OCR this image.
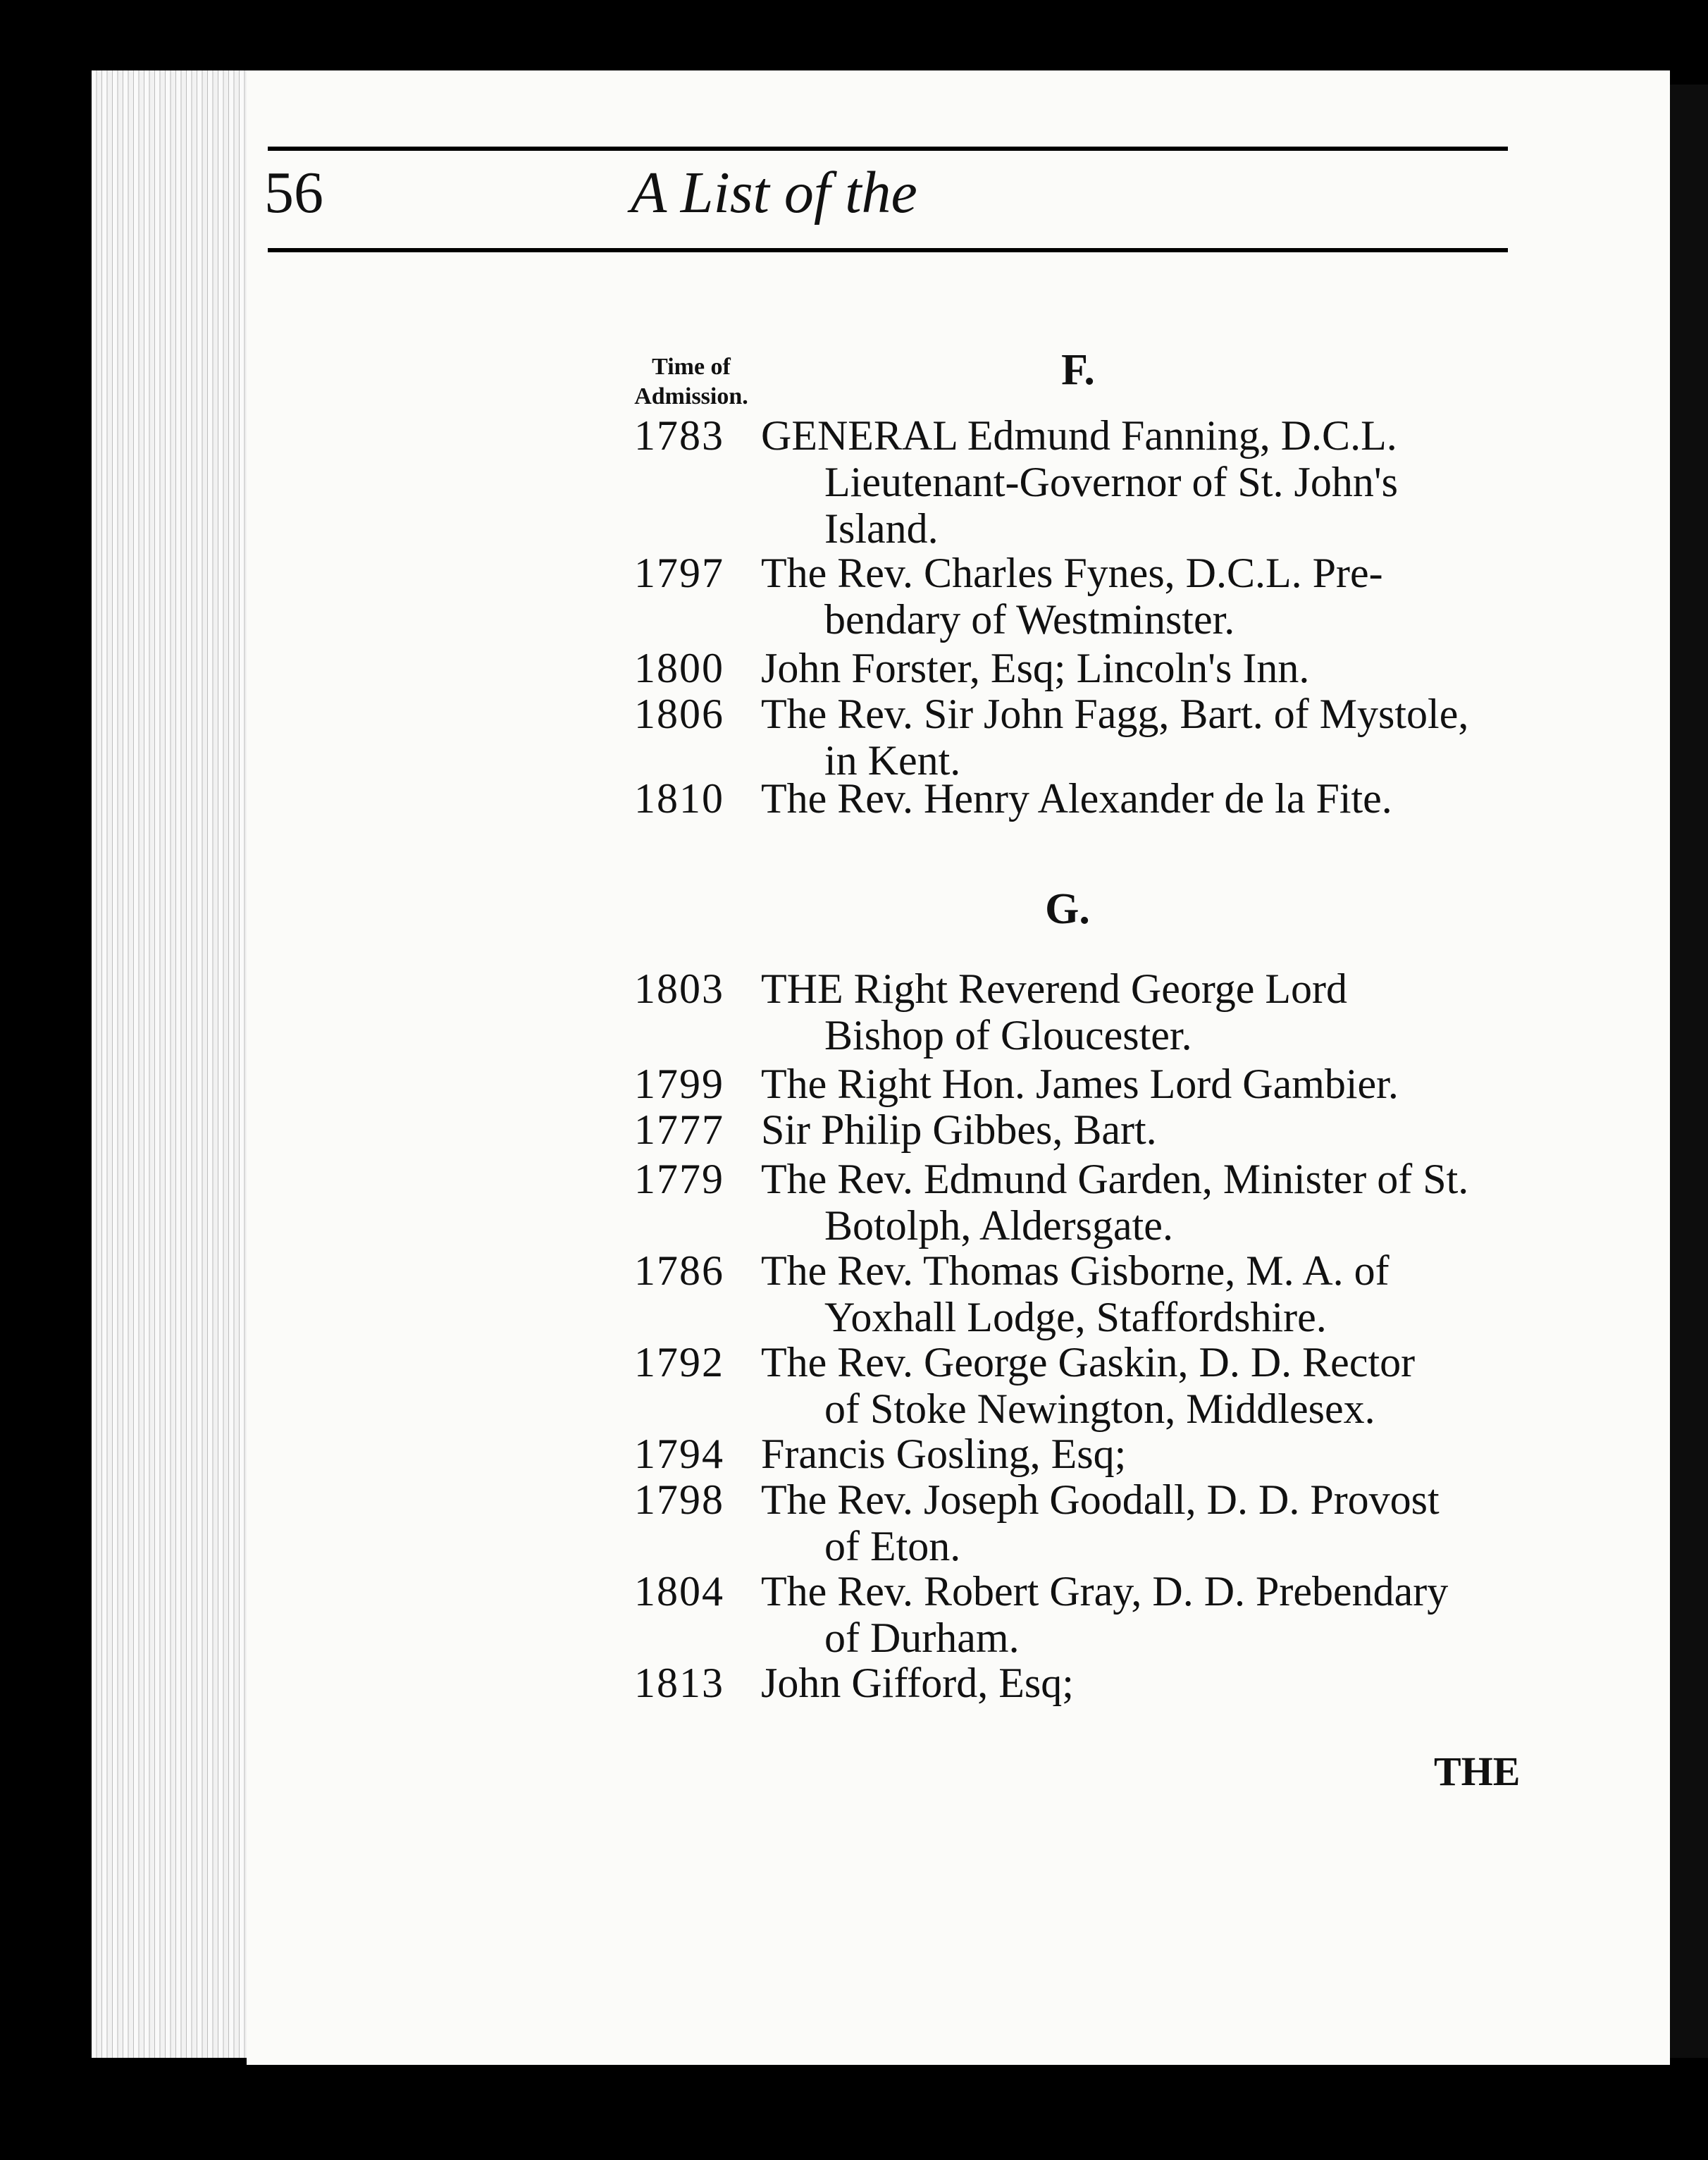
56	A List of the
Time of
Admission.
F.
1783 GENERAL Edmund Fanning, D.C.L.
Lieutenant-Governor of St. John's
Island.
1797 The Rev. Charles Fynes, D.C.L. Pre-
bendary of Westminster.
1800 John Forster, Esq; Lincoln's Inn.
1806 The Rev. Sir John Fagg, Bart. of Mystole,
in Kent.
1810 The Rev. Henry Alexander de la Fite.
G.
1803 THE Right Reverend George Lord
Bishop of Gloucester.
1799 The Right Hon. James Lord Gambier.
1777 Sir Philip Gibbes, Bart.
1779 The Rev. Edmund Garden, Minister of St.
Botolph, Aldersgate.
1786 The Rev. Thomas Gisborne, M. A. of
Yoxhall Lodge, Staffordshire.
1792 The Rev. George Gaskin, D. D. Rector
of Stoke Newington, Middlesex.
1794 Francis Gosling, Esq;
1798 The Rev. Joseph Goodall, D. D. Provost
of Eton.
1804 The Rev. Robert Gray, D. D. Prebendary
of Durham.
1813 John Gifford, Esq;
THE
